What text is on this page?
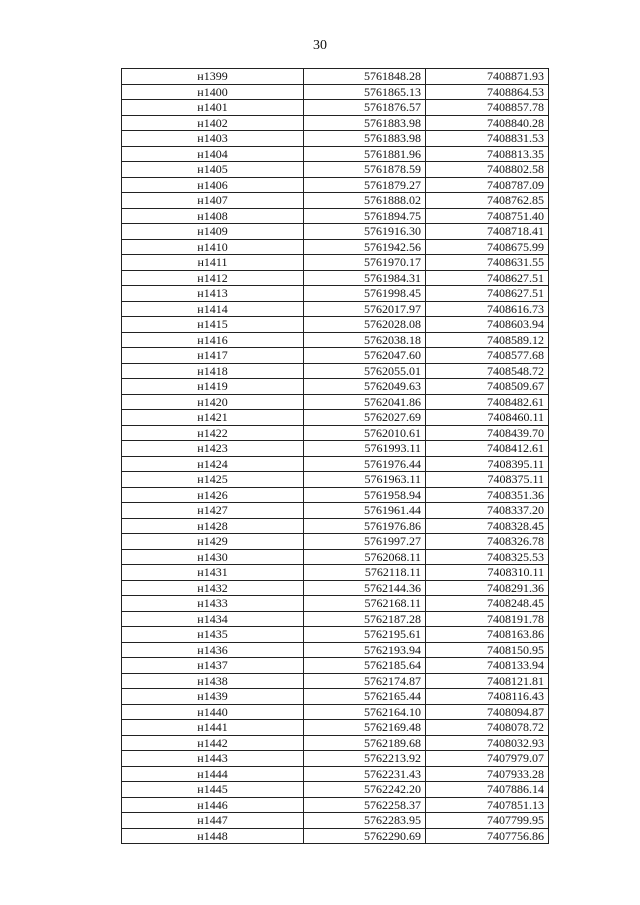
30
н1399	5761848.28	7408871.93
н1400	5761865.13	7408864.53
н1401	5761876.57	7408857.78
н1402	5761883.98	7408840.28
н1403	5761883.98	7408831.53
н1404	5761881.96	7408813.35
н1405	5761878.59	7408802.58
н1406	5761879.27	7408787.09
н1407	5761888.02	7408762.85
н1408	5761894.75	7408751.40
н1409	5761916.30	7408718.41
н1410	5761942.56	7408675.99
н1411	5761970.17	7408631.55
н1412	5761984.31	7408627.51
н1413	5761998.45	7408627.51
н1414	5762017.97	7408616.73
н1415	5762028.08	7408603.94
н1416	5762038.18	7408589.12
н1417	5762047.60	7408577.68
н1418	5762055.01	7408548.72
н1419	5762049.63	7408509.67
н1420	5762041.86	7408482.61
н1421	5762027.69	7408460.11
н1422	5762010.61	7408439.70
н1423	5761993.11	7408412.61
н1424	5761976.44	7408395.11
н1425	5761963.11	7408375.11
н1426	5761958.94	7408351.36
н1427	5761961.44	7408337.20
н1428	5761976.86	7408328.45
н1429	5761997.27	7408326.78
н1430	5762068.11	7408325.53
н1431	5762118.11	7408310.11
н1432	5762144.36	7408291.36
н1433	5762168.11	7408248.45
н1434	5762187.28	7408191.78
н1435	5762195.61	7408163.86
н1436	5762193.94	7408150.95
н1437	5762185.64	7408133.94
н1438	5762174.87	7408121.81
н1439	5762165.44	7408116.43
н1440	5762164.10	7408094.87
н1441	5762169.48	7408078.72
н1442	5762189.68	7408032.93
н1443	5762213.92	7407979.07
н1444	5762231.43	7407933.28
н1445	5762242.20	7407886.14
н1446	5762258.37	7407851.13
н1447	5762283.95	7407799.95
н1448	5762290.69	7407756.86
